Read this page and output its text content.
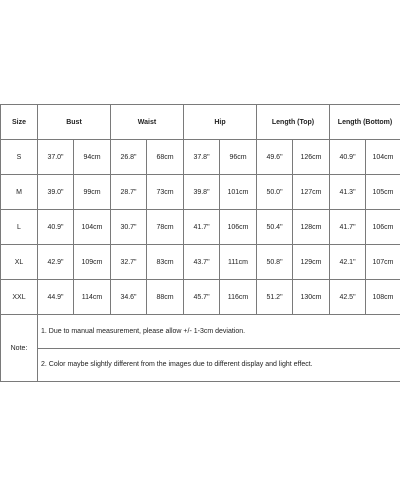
Size	Bust		Waist		Hip		Length (Top)		Length (Bottom)	
S	37.0"	94cm	26.8"	68cm	37.8"	96cm	49.6"	126cm	40.9"	104cm
M	39.0"	99cm	28.7"	73cm	39.8"	101cm	50.0"	127cm	41.3"	105cm
L	40.9"	104cm	30.7"	78cm	41.7"	106cm	50.4"	128cm	41.7"	106cm
XL	42.9"	109cm	32.7"	83cm	43.7"	111cm	50.8"	129cm	42.1"	107cm
XXL	44.9"	114cm	34.6"	88cm	45.7"	116cm	51.2"	130cm	42.5"	108cm
Note:	1. Due to manual measurement, please allow +/- 1-3cm deviation.									
	2. Color maybe slightly different from the images due to different display and light effect.									
